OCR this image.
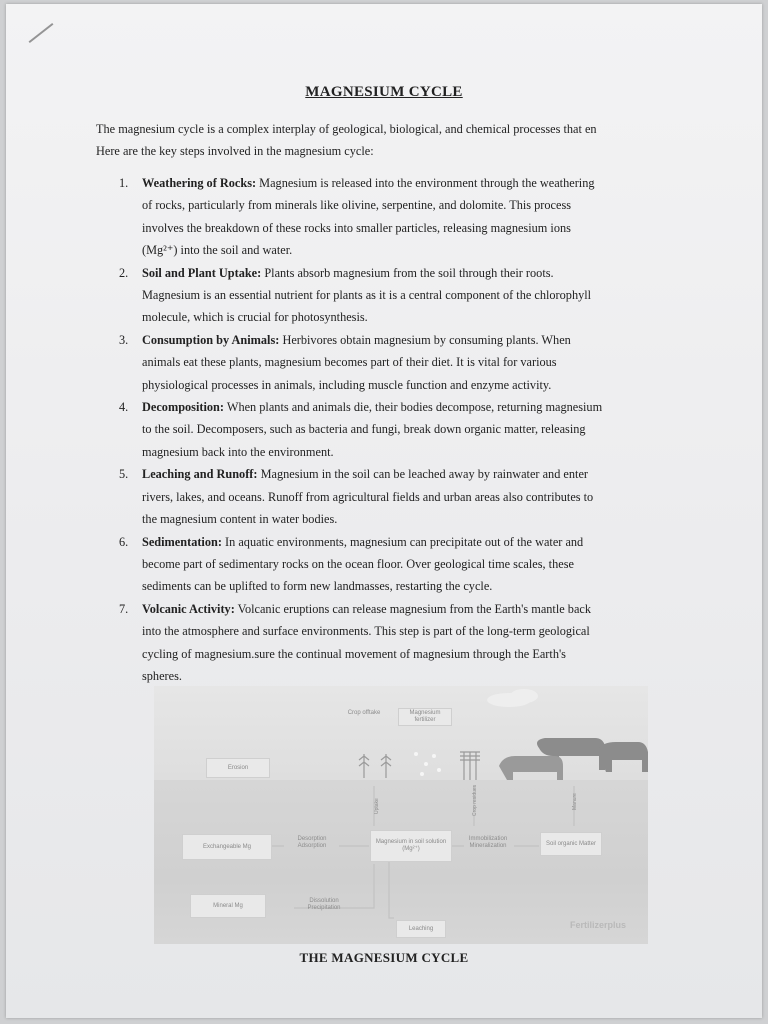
MAGNESIUM CYCLE
The magnesium cycle is a complex interplay of geological, biological, and chemical processes that en
Here are the key steps involved in the magnesium cycle:
1. Weathering of Rocks: Magnesium is released into the environment through the weathering
of rocks, particularly from minerals like olivine, serpentine, and dolomite. This process
involves the breakdown of these rocks into smaller particles, releasing magnesium ions
(Mg²⁺) into the soil and water.
2. Soil and Plant Uptake: Plants absorb magnesium from the soil through their roots.
Magnesium is an essential nutrient for plants as it is a central component of the chlorophyll
molecule, which is crucial for photosynthesis.
3. Consumption by Animals: Herbivores obtain magnesium by consuming plants. When
animals eat these plants, magnesium becomes part of their diet. It is vital for various
physiological processes in animals, including muscle function and enzyme activity.
4. Decomposition: When plants and animals die, their bodies decompose, returning magnesium
to the soil. Decomposers, such as bacteria and fungi, break down organic matter, releasing
magnesium back into the environment.
5. Leaching and Runoff: Magnesium in the soil can be leached away by rainwater and enter
rivers, lakes, and oceans. Runoff from agricultural fields and urban areas also contributes to
the magnesium content in water bodies.
6. Sedimentation: In aquatic environments, magnesium can precipitate out of the water and
become part of sedimentary rocks on the ocean floor. Over geological time scales, these
sediments can be uplifted to form new landmasses, restarting the cycle.
7. Volcanic Activity: Volcanic eruptions can release magnesium from the Earth's mantle back
into the atmosphere and surface environments. This step is part of the long-term geological
cycling of magnesium.sure the continual movement of magnesium through the Earth's
spheres.
Crop offtake	Magnesium fertilizer
Erosion
Uptake	Crop residues	Manure
Exchangeable Mg
Desorption Adsorption
Magnesium in soil solution (Mg²⁺)
Immobilization Mineralization	Soil organic Matter
Mineral Mg
Dissolution Precipitation
Leaching	Fertilizerplus
THE MAGNESIUM CYCLE
